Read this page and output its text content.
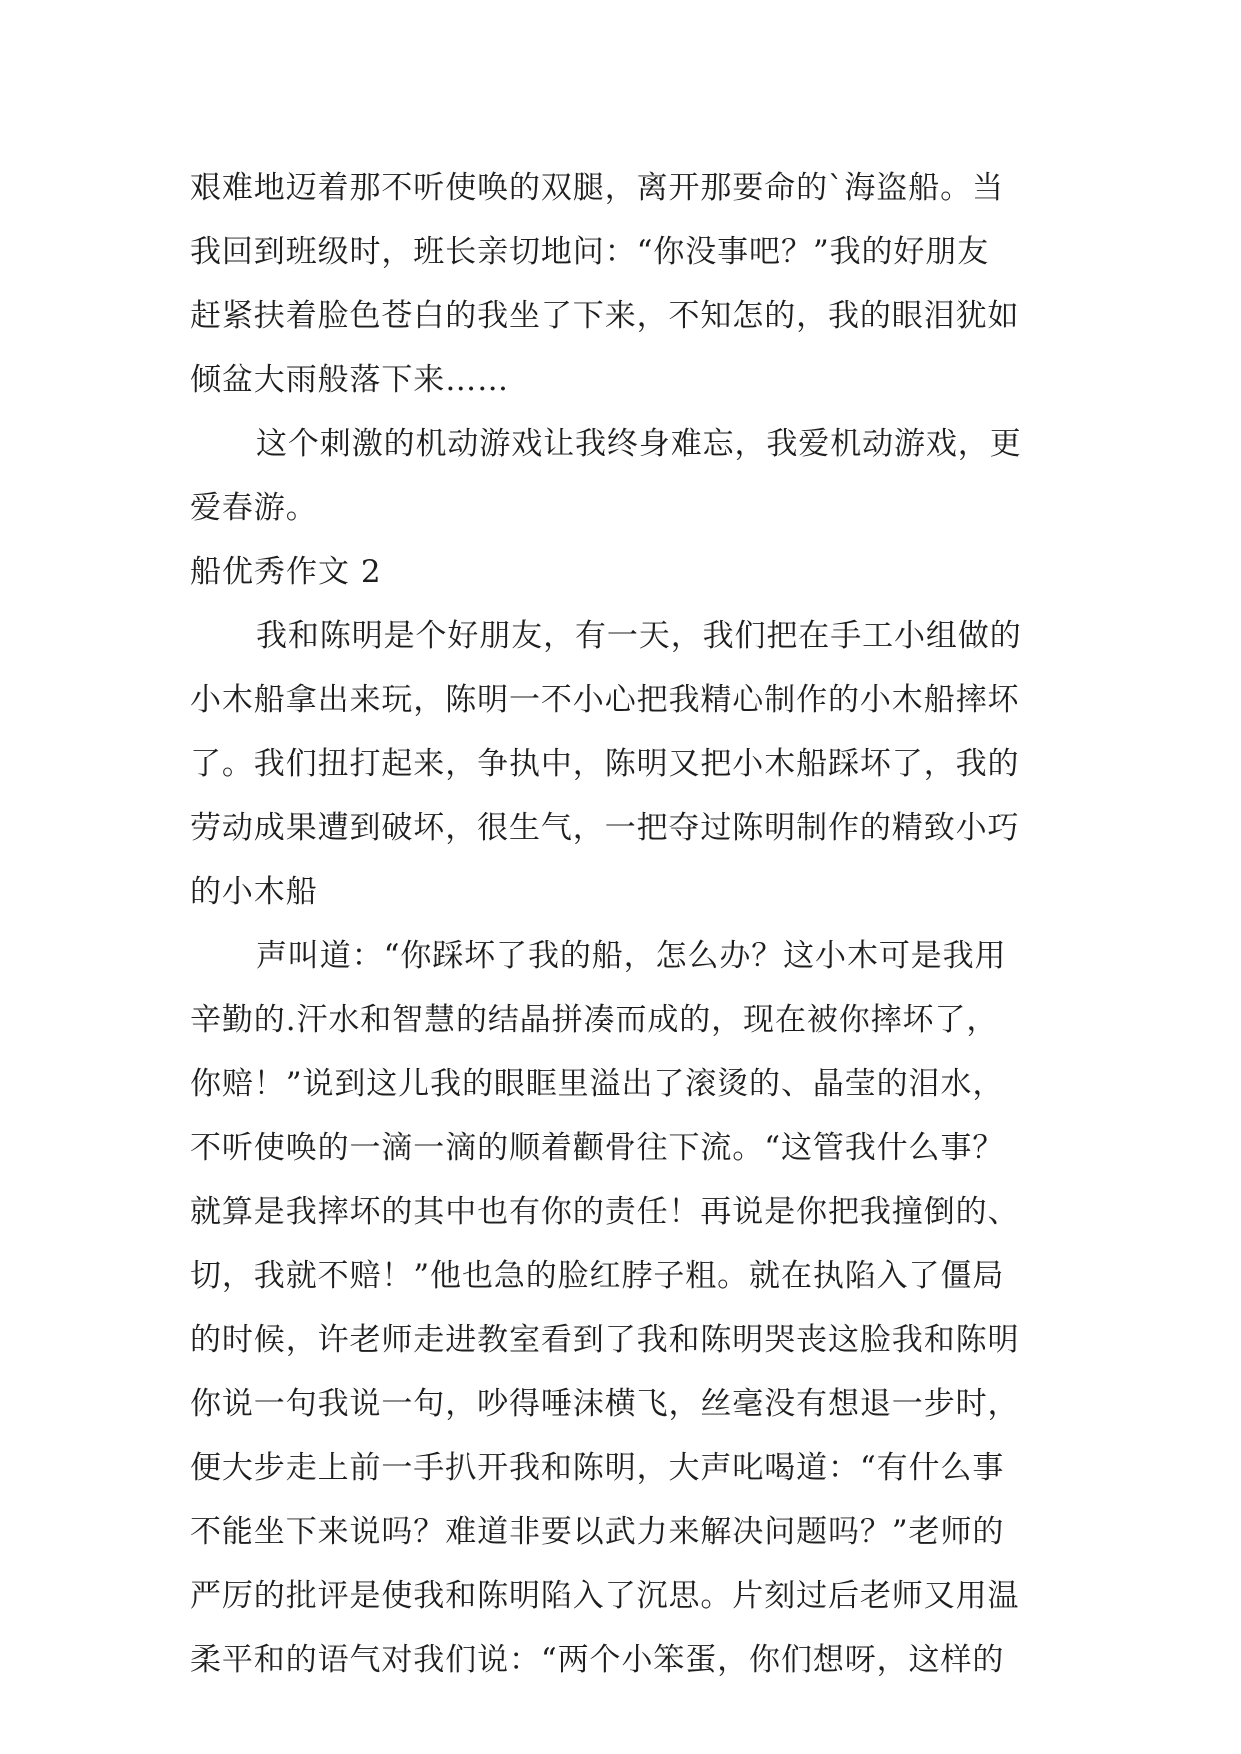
艰难地迈着那不听使唤的双腿，离开那要命的`海盗船。当
我回到班级时，班长亲切地问：“你没事吧？”我的好朋友
赶紧扶着脸色苍白的我坐了下来，不知怎的，我的眼泪犹如
倾盆大雨般落下来……
这个刺激的机动游戏让我终身难忘，我爱机动游戏，更
爱春游。
船优秀作文 2
我和陈明是个好朋友，有一天，我们把在手工小组做的
小木船拿出来玩，陈明一不小心把我精心制作的小木船摔坏
了。我们扭打起来，争执中，陈明又把小木船踩坏了，我的
劳动成果遭到破坏，很生气，一把夺过陈明制作的精致小巧
的小木船
声叫道：“你踩坏了我的船，怎么办？这小木可是我用
辛勤的.汗水和智慧的结晶拼凑而成的，现在被你摔坏了，
你赔！”说到这儿我的眼眶里溢出了滚烫的、晶莹的泪水，
不听使唤的一滴一滴的顺着颧骨往下流。“这管我什么事？
就算是我摔坏的其中也有你的责任！再说是你把我撞倒的、
切，我就不赔！”他也急的脸红脖子粗。就在执陷入了僵局
的时候，许老师走进教室看到了我和陈明哭丧这脸我和陈明
你说一句我说一句，吵得唾沫横飞，丝毫没有想退一步时，
便大步走上前一手扒开我和陈明，大声叱喝道：“有什么事
不能坐下来说吗？难道非要以武力来解决问题吗？”老师的
严厉的批评是使我和陈明陷入了沉思。片刻过后老师又用温
柔平和的语气对我们说：“两个小笨蛋，你们想呀，这样的
